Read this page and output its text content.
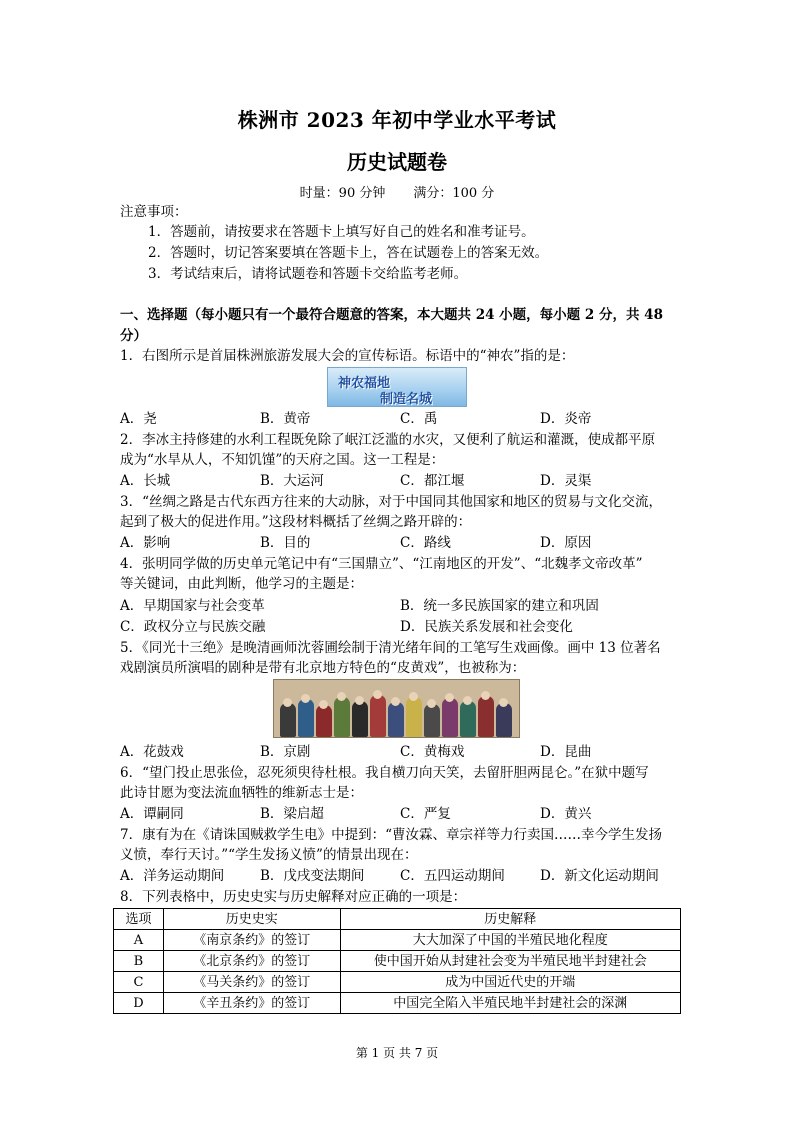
株洲市 2023 年初中学业水平考试
历史试题卷
时量：90 分钟 满分：100 分
注意事项：
1．答题前，请按要求在答题卡上填写好自己的姓名和准考证号。
2．答题时，切记答案要填在答题卡上，答在试题卷上的答案无效。
3．考试结束后，请将试题卷和答题卡交给监考老师。
一、选择题（每小题只有一个最符合题意的答案，本大题共 24 小题，每小题 2 分，共 48
分）
1．右图所示是首届株洲旅游发展大会的宣传标语。标语中的“神农”指的是：
神农福地
制造名城
A．尧	B．黄帝	C．禹	D．炎帝
2．李冰主持修建的水利工程既免除了岷江泛滥的水灾，又便利了航运和灌溉，使成都平原
成为“水旱从人，不知饥馑”的天府之国。这一工程是：
A．长城	B．大运河	C．都江堰	D．灵渠
3．“丝绸之路是古代东西方往来的大动脉，对于中国同其他国家和地区的贸易与文化交流，
起到了极大的促进作用。”这段材料概括了丝绸之路开辟的：
A．影响	B．目的	C．路线	D．原因
4．张明同学做的历史单元笔记中有“三国鼎立”、“江南地区的开发”、“北魏孝文帝改革”
等关键词，由此判断，他学习的主题是：
A．早期国家与社会变革	B．统一多民族国家的建立和巩固
C．政权分立与民族交融	D．民族关系发展和社会变化
5．《同光十三绝》是晚清画师沈蓉圃绘制于清光绪年间的工笔写生戏画像。画中 13 位著名
戏剧演员所演唱的剧种是带有北京地方特色的“皮黄戏”，也被称为：
A．花鼓戏	B．京剧	C．黄梅戏	D．昆曲
6．“望门投止思张俭，忍死须臾待杜根。我自横刀向天笑，去留肝胆两昆仑。”在狱中题写
此诗甘愿为变法流血牺牲的维新志士是：
A．谭嗣同	B．梁启超	C．严复	D．黄兴
7．康有为在《请诛国贼救学生电》中提到：“曹汝霖、章宗祥等力行卖国……幸今学生发扬
义愤，奉行天讨。”“学生发扬义愤”的情景出现在：
A．洋务运动期间	B．戊戌变法期间	C．五四运动期间	D．新文化运动期间
8．下列表格中，历史史实与历史解释对应正确的一项是：
选项	历史史实	历史解释
A	《南京条约》的签订	大大加深了中国的半殖民地化程度
B	《北京条约》的签订	使中国开始从封建社会变为半殖民地半封建社会
C	《马关条约》的签订	成为中国近代史的开端
D	《辛丑条约》的签订	中国完全陷入半殖民地半封建社会的深渊
第 1 页 共 7 页
